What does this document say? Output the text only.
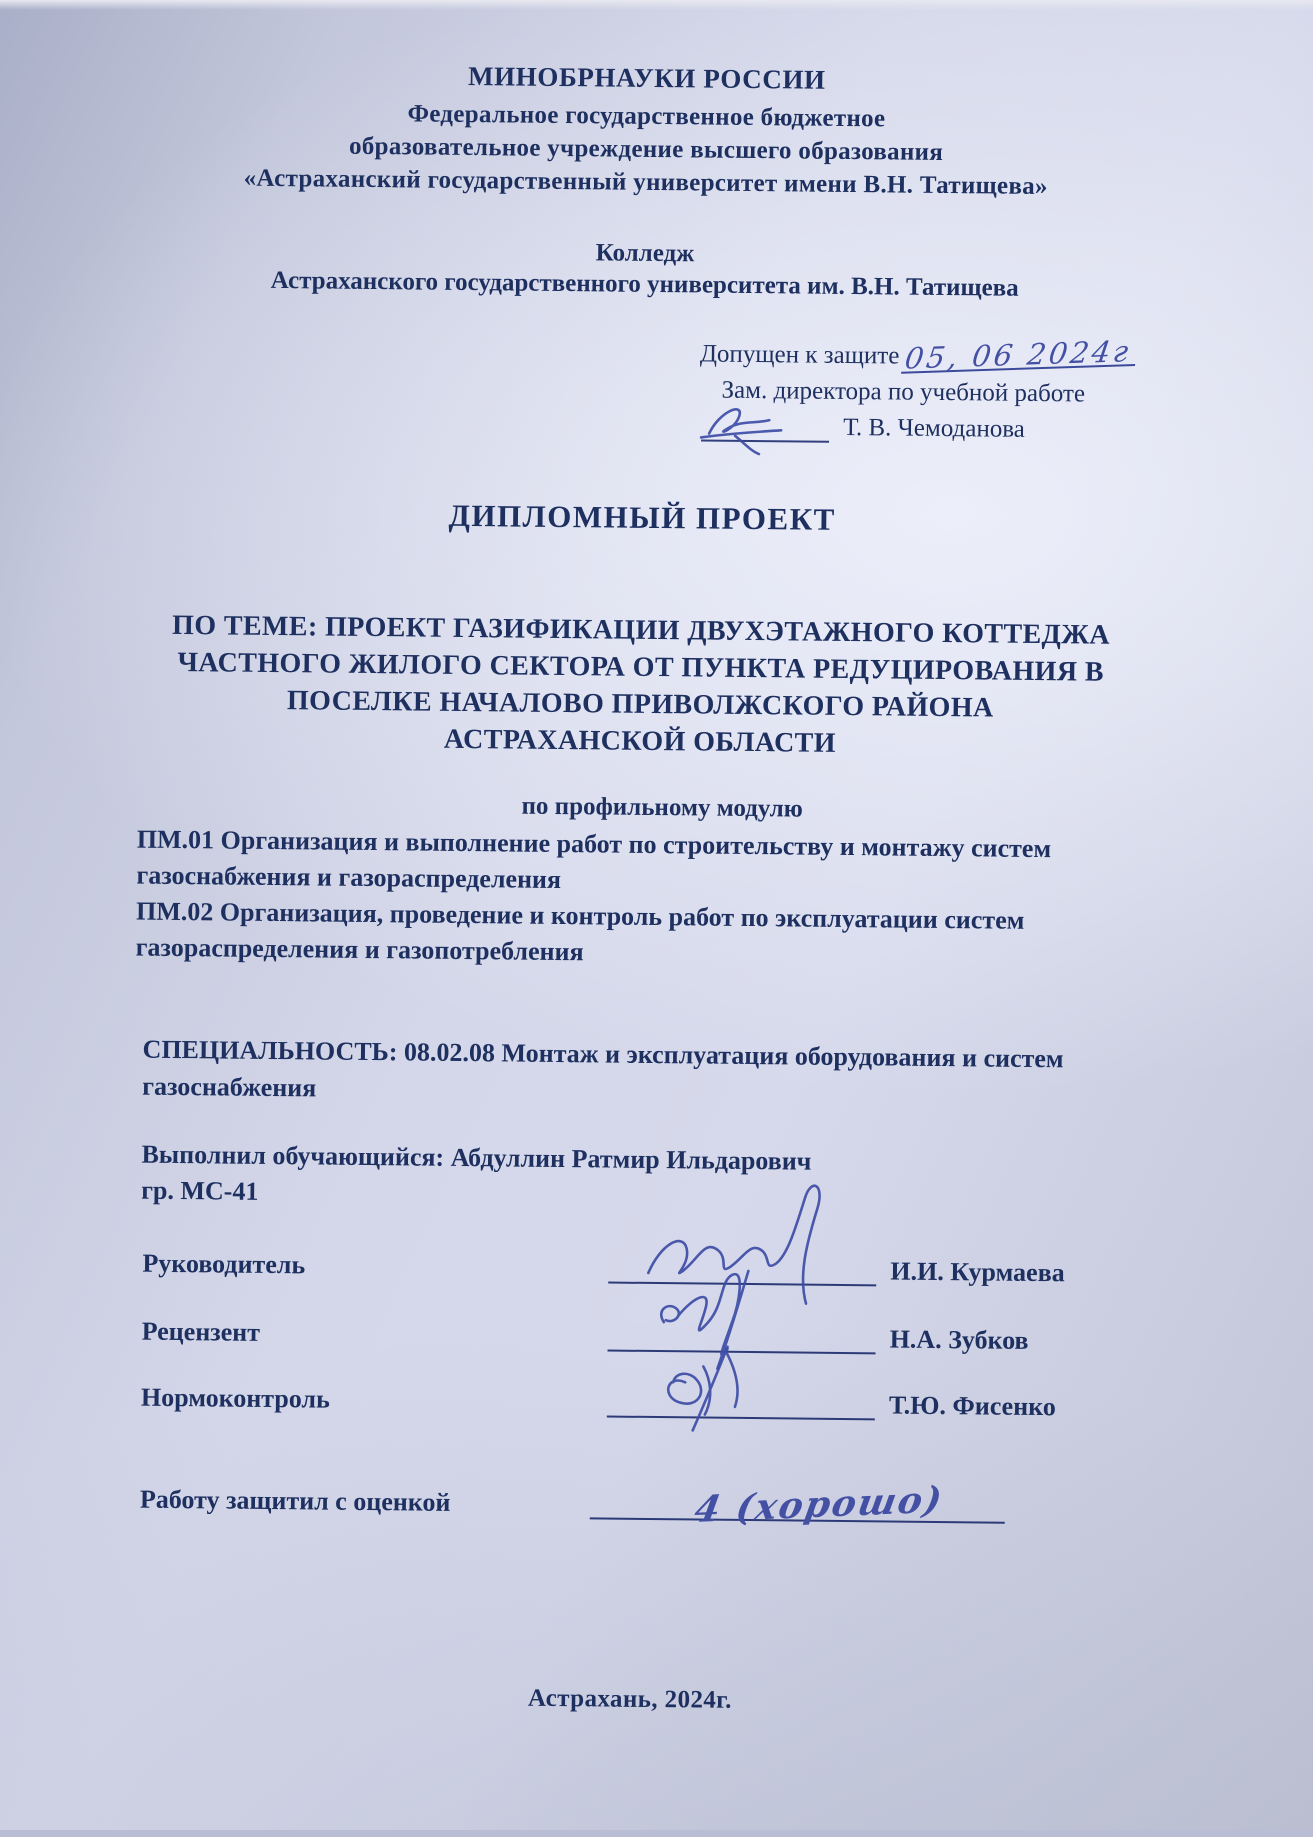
МИНОБРНАУКИ РОССИИ
Федеральное государственное бюджетное
образовательное учреждение высшего образования
«Астраханский государственный университет имени В.Н. Татищева»
Колледж
Астраханского государственного университета им. В.Н. Татищева
Допущен к защите 05, 06 2024г
Зам. директора по учебной работе
Т. В. Чемоданова
ДИПЛОМНЫЙ ПРОЕКТ
ПО ТЕМЕ: ПРОЕКТ ГАЗИФИКАЦИИ ДВУХЭТАЖНОГО КОТТЕДЖА
ЧАСТНОГО ЖИЛОГО СЕКТОРА ОТ ПУНКТА РЕДУЦИРОВАНИЯ В
ПОСЕЛКЕ НАЧАЛОВО ПРИВОЛЖСКОГО РАЙОНА
АСТРАХАНСКОЙ ОБЛАСТИ
по профильному модулю
ПМ.01 Организация и выполнение работ по строительству и монтажу систем газоснабжения и газораспределения
ПМ.02 Организация, проведение и контроль работ по эксплуатации систем газораспределения и газопотребления
СПЕЦИАЛЬНОСТЬ: 08.02.08 Монтаж и эксплуатация оборудования и систем газоснабжения
Выполнил обучающийся: Абдуллин Ратмир Ильдарович
гр. МС-41
Руководитель	И.И. Курмаева
Рецензент	Н.А. Зубков
Нормоконтроль	Т.Ю. Фисенко
Работу защитил с оценкой	4 (хорошо)
Астрахань, 2024г.
